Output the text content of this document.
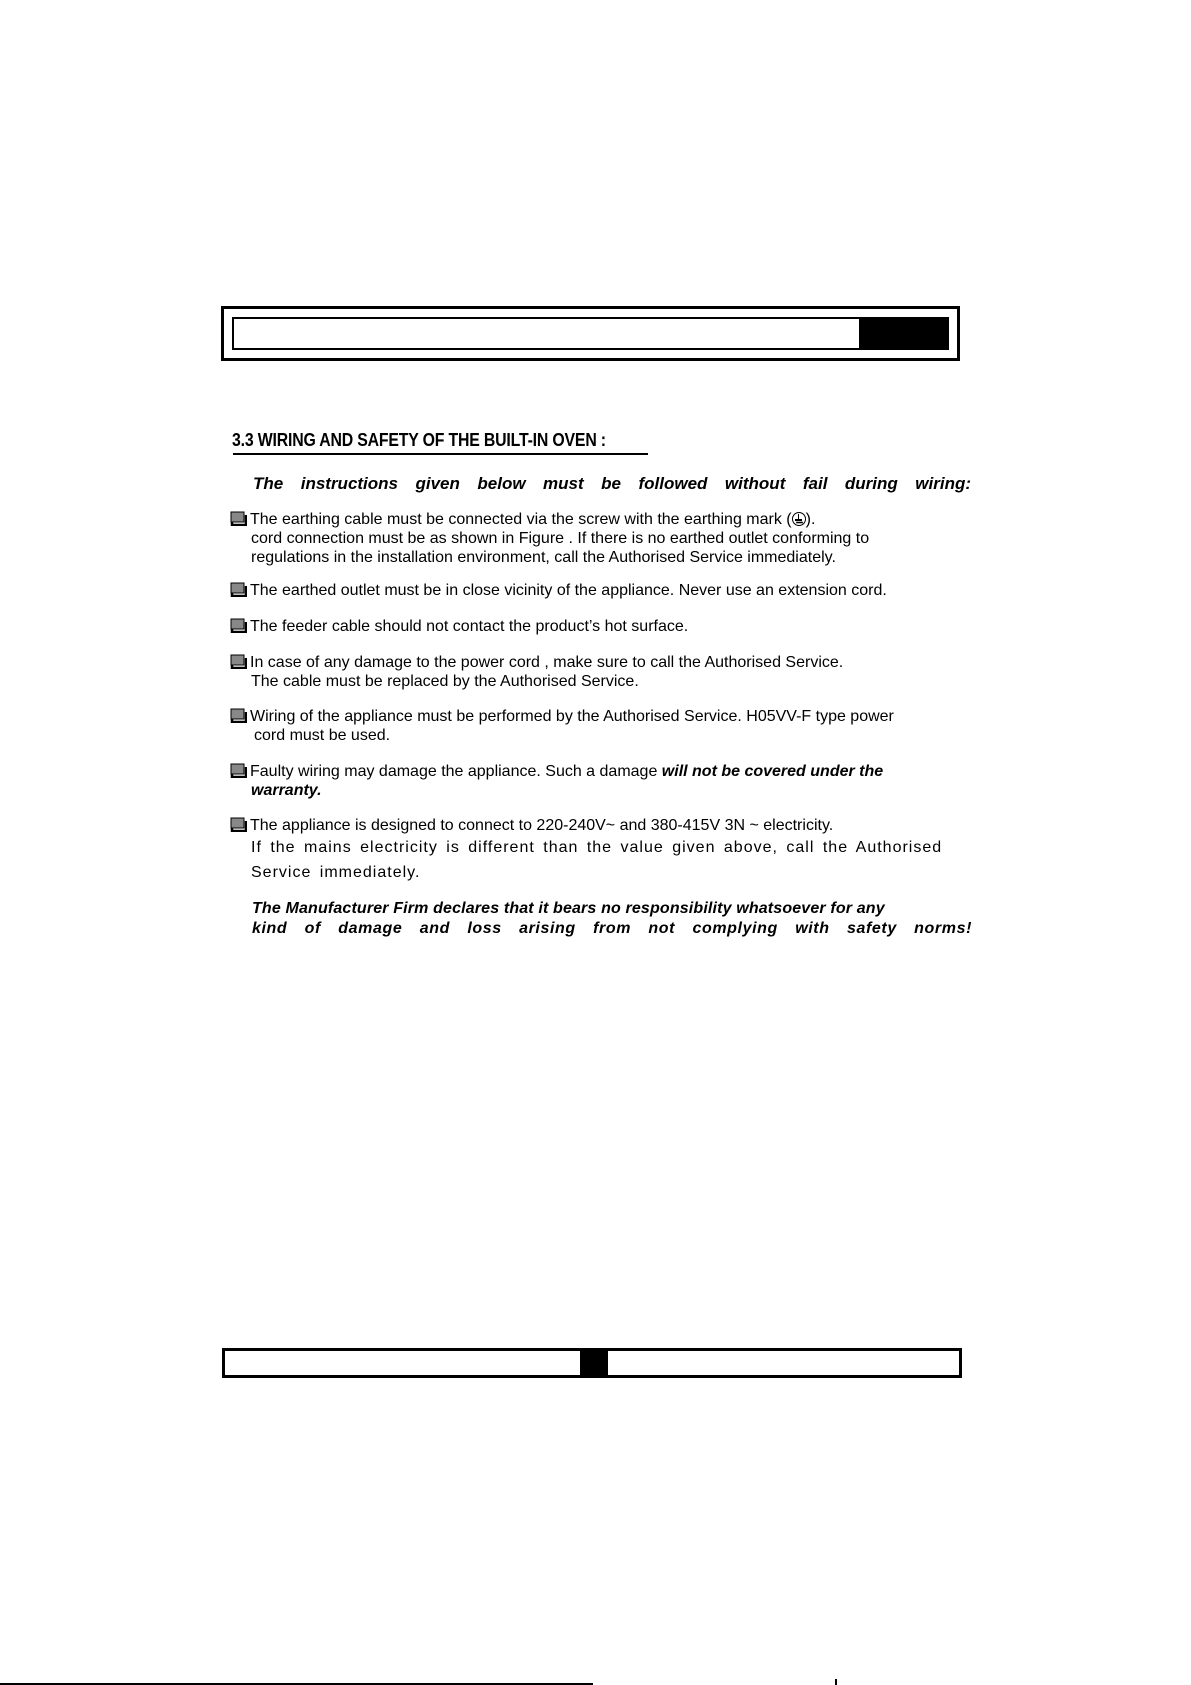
3.3 WIRING AND SAFETY OF THE BUILT-IN OVEN :
The instructions given below must be followed without fail during wiring:
The earthing cable must be connected via the screw with the earthing mark ( ).
cord connection must be as shown in Figure . If there is no earthed outlet conforming to
regulations in the installation environment, call the Authorised Service immediately.
The earthed outlet must be in close vicinity of the appliance. Never use an extension cord.
The feeder cable should not contact the product’s hot surface.
In case of any damage to the power cord , make sure to call the Authorised Service.
The cable must be replaced by the Authorised Service.
Wiring of the appliance must be performed by the Authorised Service. H05VV-F type power
cord must be used.
Faulty wiring may damage the appliance. Such a damage will not be covered under the
warranty.
The appliance is designed to connect to 220-240V~ and 380-415V 3N ~ electricity.
If the mains electricity is different than the value given above, call the Authorised
Service immediately.
The Manufacturer Firm declares that it bears no responsibility whatsoever for any
kind of damage and loss arising from not complying with safety norms!
